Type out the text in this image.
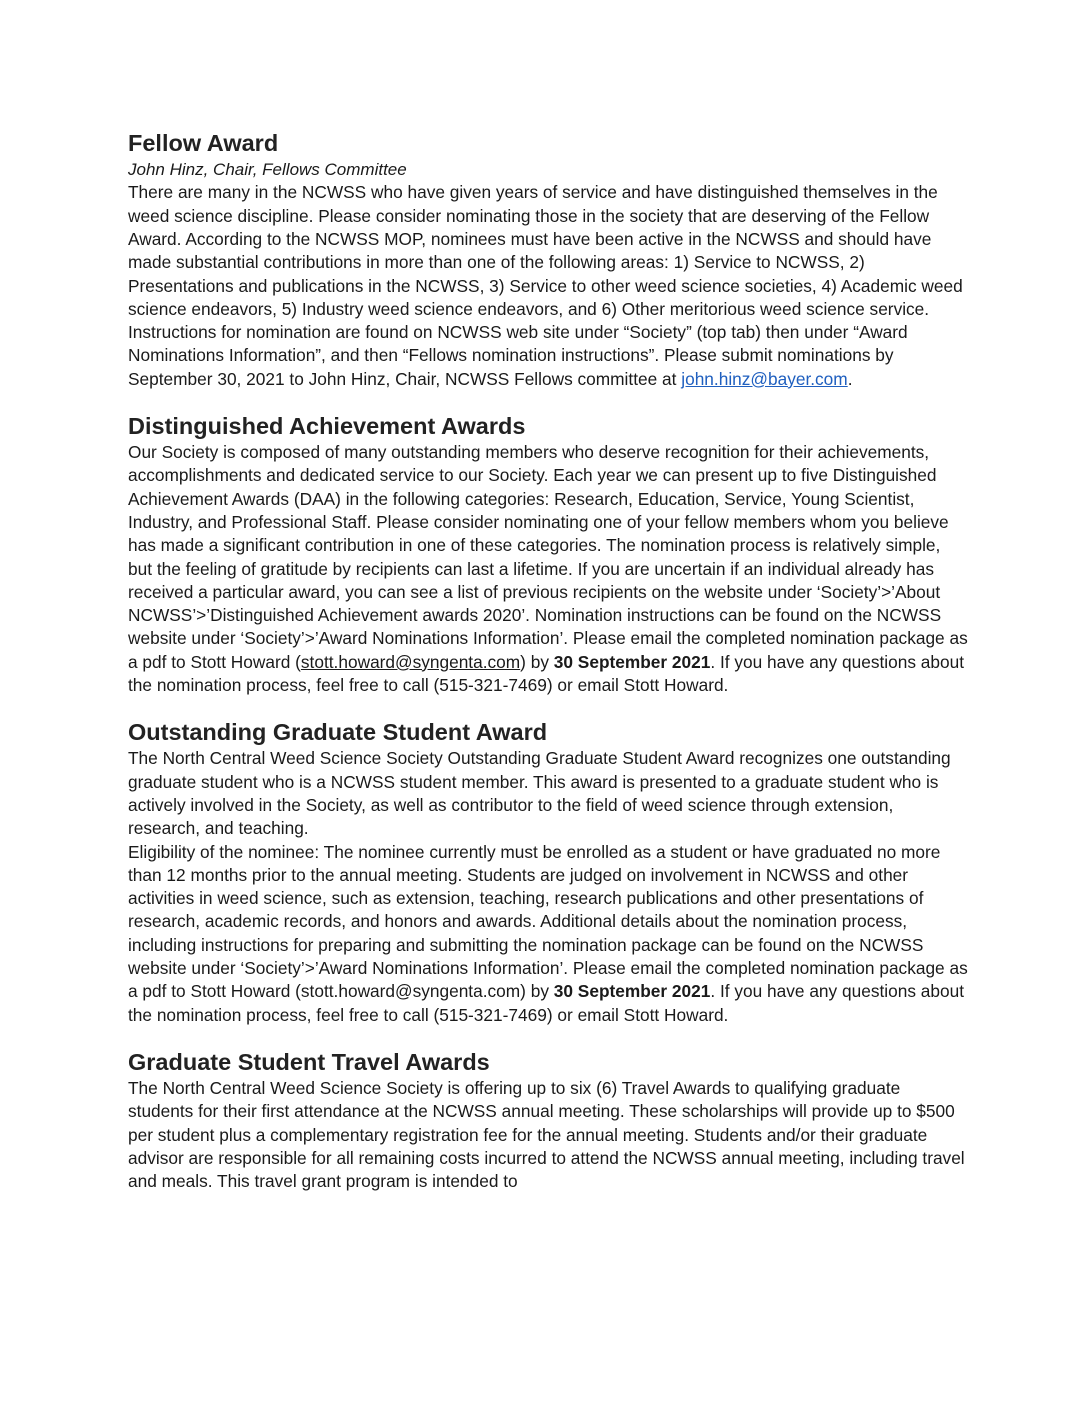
Fellow Award

John Hinz, Chair, Fellows Committee

There are many in the NCWSS who have given years of service and have distinguished themselves in the weed science discipline. Please consider nominating those in the society that are deserving of the Fellow Award. According to the NCWSS MOP, nominees must have been active in the NCWSS and should have made substantial contributions in more than one of the following areas: 1) Service to NCWSS, 2) Presentations and publications in the NCWSS, 3) Service to other weed science societies, 4) Academic weed science endeavors, 5) Industry weed science endeavors, and 6) Other meritorious weed science service. Instructions for nomination are found on NCWSS web site under “Society” (top tab) then under “Award Nominations Information”, and then “Fellows nomination instructions”. Please submit nominations by September 30, 2021 to John Hinz, Chair, NCWSS Fellows committee at john.hinz@bayer.com.

Distinguished Achievement Awards

Our Society is composed of many outstanding members who deserve recognition for their achievements, accomplishments and dedicated service to our Society. Each year we can present up to five Distinguished Achievement Awards (DAA) in the following categories: Research, Education, Service, Young Scientist, Industry, and Professional Staff. Please consider nominating one of your fellow members whom you believe has made a significant contribution in one of these categories. The nomination process is relatively simple, but the feeling of gratitude by recipients can last a lifetime. If you are uncertain if an individual already has received a particular award, you can see a list of previous recipients on the website under ‘Society’>’About NCWSS’>’Distinguished Achievement awards 2020’. Nomination instructions can be found on the NCWSS website under ‘Society’>’Award Nominations Information’. Please email the completed nomination package as a pdf to Stott Howard (stott.howard@syngenta.com) by 30 September 2021. If you have any questions about the nomination process, feel free to call (515-321-7469) or email Stott Howard.

Outstanding Graduate Student Award

The North Central Weed Science Society Outstanding Graduate Student Award recognizes one outstanding graduate student who is a NCWSS student member. This award is presented to a graduate student who is actively involved in the Society, as well as contributor to the field of weed science through extension, research, and teaching.

Eligibility of the nominee: The nominee currently must be enrolled as a student or have graduated no more than 12 months prior to the annual meeting. Students are judged on involvement in NCWSS and other activities in weed science, such as extension, teaching, research publications and other presentations of research, academic records, and honors and awards. Additional details about the nomination process, including instructions for preparing and submitting the nomination package can be found on the NCWSS website under ‘Society’>’Award Nominations Information’. Please email the completed nomination package as a pdf to Stott Howard (stott.howard@syngenta.com) by 30 September 2021. If you have any questions about the nomination process, feel free to call (515-321-7469) or email Stott Howard.

Graduate Student Travel Awards

The North Central Weed Science Society is offering up to six (6) Travel Awards to qualifying graduate students for their first attendance at the NCWSS annual meeting. These scholarships will provide up to $500 per student plus a complementary registration fee for the annual meeting. Students and/or their graduate advisor are responsible for all remaining costs incurred to attend the NCWSS annual meeting, including travel and meals. This travel grant program is intended to
